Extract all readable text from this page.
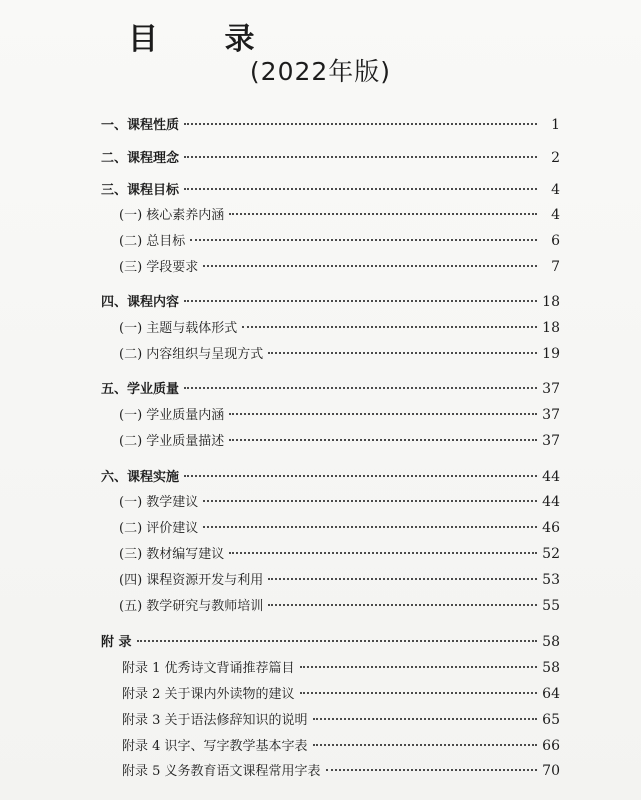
目 录
(2022年版)
一、课程性质	1
二、课程理念	2
三、课程目标	4
(一) 核心素养内涵	4
(二) 总目标	6
(三) 学段要求	7
四、课程内容	18
(一) 主题与载体形式	18
(二) 内容组织与呈现方式	19
五、学业质量	37
(一) 学业质量内涵	37
(二) 学业质量描述	37
六、课程实施	44
(一) 教学建议	44
(二) 评价建议	46
(三) 教材编写建议	52
(四) 课程资源开发与利用	53
(五) 教学研究与教师培训	55
附 录	58
附录 1 优秀诗文背诵推荐篇目	58
附录 2 关于课内外读物的建议	64
附录 3 关于语法修辞知识的说明	65
附录 4 识字、写字教学基本字表	66
附录 5 义务教育语文课程常用字表	70
